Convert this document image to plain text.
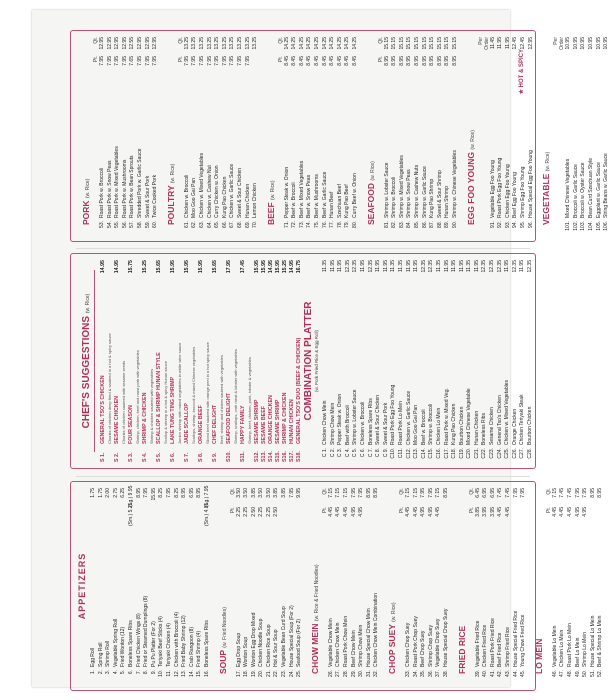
APPETIZERS
1.
Egg Roll
1.75
2.
Spring Roll
1.75
3.
Shrimp Roll
2.00
4.
Vegetable Spring Roll
2.75
5.
Fried Wonton (12)
6.25
6.
Boneless Spare Ribs
(Sm.) 5.25
(Lg.) 9.95
7.
Fried Chicken Wings (8)
8.95
8.
Fried or Steamed Dumplings (8)
7.95
9.
Pu Pu Platter (For 2)
15.95
10.
Teriyaki Beef Sticks (4)
8.25
11.
Teriyaki Chicken (4)
7.95
12.
Chicken with Broccoli (4)
8.25
13.
Fried Baby Shrimp (12)
8.95
14.
Crab Rangoon (8)
6.95
15.
Fried Shrimp (4)
8.95
16.
Boneless Spare Ribs
(Sm.) 4.85
(Lg.) 7.95
SOUP (w. Fried Noodles)
Pt.
Qt.
17.
Egg Drop Soup
2.25
3.50
18.
Wonton Soup
2.25
3.50
19.
Wonton Egg Drop Mixed
2.50
3.85
20.
Chicken Noodle Soup
2.25
3.50
21.
Chicken Rice Soup
2.25
3.50
22.
Hot & Sour Soup
2.50
3.85
23.
Vegetable Bean Curd Soup
3.85
24.
House Special Soup (For 2)
7.95
25.
Seafood Soup (For 2)
9.95
CHOW MEIN (w. Rice & Fried Noodles)
Pt.
Qt.
26.
Vegetable Chow Mein
4.45
7.15
27.
Chicken Chow Mein
4.45
7.15
28.
Roast Pork Chow Mein
4.45
7.15
29.
Beef Chow Mein
4.95
7.95
30.
Shrimp Chow Mein
4.95
7.95
31.
House Special Chow Mein
8.95
32.
Chicken Chow Mein Combination
8.95
CHOP SUEY (w. Rice)
Pt.
Qt.
33.
Chicken Chop Suey
4.45
7.15
34.
Roast Pork Chop Suey
4.45
7.15
35.
Beef Chop Suey
4.95
7.95
36.
Shrimp Chop Suey
4.95
7.95
37.
Vegetable Chop Suey
4.45
7.15
38.
House Special Chop Suey
8.95
FRIED RICE
Pt.
Qt.
39.
Vegetable Fried Rice
3.85
6.45
40.
Chicken Fried Rice
3.95
6.95
41.
Roast Pork Fried Rice
3.95
6.95
42.
Beef Fried Rice
4.45
7.45
43.
Shrimp Fried Rice
4.45
7.45
44.
House Special Fried Rice
7.95
45.
Young Chow Fried Rice
7.95
LO MEIN
Pt.
Qt.
46.
Vegetable Lo Mein
4.45
7.15
47.
Chicken Lo Mein
4.45
7.45
48.
Roast Pork Lo Mein
4.45
7.45
49.
Beef Lo Mein
4.95
7.95
50.
Shrimp Lo Mein
4.95
7.95
51.
House Special Lo Mein
8.95
52.
Beef & Shrimp Lo Mein
8.95
CHEF'S SUGGESTIONS (w. Rice)
S 1.
GENERAL TSO'S CHICKEN
14.95
Chunks of chicken deep fried & sauteed in a hot & spicy sauce
S 2.
SESAME CHICKEN
14.95
Chunks of chicken sauteed with sesame seeds
S 3.
FOUR SEASON
15.75
Shrimp, chicken, beef and roast pork with vegetables
S 4.
SHRIMP & CHICKEN
15.25
Shrimp & chicken sauteed with vegetables
S 5.
SCALLOP & SHRIMP HUNAN STYLE
15.65
Scallop & shrimp in a hot & spicy Hunan sauce
S 6.
LAKE TUNG TING SHRIMP
15.95
Jumbo shrimp with mixed vegetables in white wine sauce
S 7.
JADE SCALLOP
15.95
Scallops, shrimp, broccoli & mixed Chinese vegetables
S 8.
ORANGE BEEF
15.95
Sliced beef sauteed with orange peel in a hot spicy sauce
S 9.
CHEF DELIGHT
15.65
Beef, shrimp and chicken sauteed with vegetables
S10.
SEAFOOD DELIGHT
17.95
Shrimp, scallops, crab meat & lobster with vegetables
S11.
HAPPY FAMILY
17.45
Shrimp, beef, chicken, pork, lobster & vegetables
S12.
SESAME SHRIMP
15.95
S13.
SESAME BEEF
15.95
S14.
ORANGE CHICKEN
14.95
S15.
SESAME SHRIMP
15.95
S16.
SHRIMP & CHICKEN
15.25
S17.
HUNAN CHICKEN
14.95
S18.
GENERAL TSO'S DUO (BEEF & CHICKEN)
16.75
COMBINATION PLATTER (w. Pork Fried Rice & Egg Roll)
C 1.
Chicken Chow Mein
11.35
C 2.
Shrimp Chow Mein
11.95
C 3.
Pepper Steak w. Onion
11.95
C 4.
Beef with Broccoli
12.35
C 5.
Shrimp w. Lobster Sauce
12.35
C 6.
Chicken w. Broccoli
11.95
C 7.
Boneless Spare Ribs
12.35
C 8.
Sweet & Sour Chicken
11.95
C 9.
Sweet & Sour Pork
11.95
C10.
Roast Pork Egg Foo Young
11.35
C11.
Roast Pork Lo Mein
11.35
C12.
Chicken w. Garlic Sauce
11.95
C13.
Moo Goo Gai Pan
11.95
C14.
Beef w. Broccoli
12.35
C15.
Shrimp w. Broccoli
12.35
C16.
Chicken Lo Mein
11.35
C17.
Roast Pork w. Mixed Veg.
11.95
C18.
Kung Pao Chicken
11.95
C19.
Bourbon Chicken
11.95
C20.
Mixed Chinese Vegetable
11.35
C21.
Hunan Chicken
11.95
C22.
Boneless Ribs
12.35
C23.
Sesame Chicken
12.35
C24.
General Tso's Chicken
12.35
C25.
Chicken w. Mixed Vegetables
11.95
C26.
Orange Chicken
12.35
C27.
Chicken Teriyaki Steak
11.95
C28.
Bourbon Chicken
12.35
PORK (w. Rice)
Pt.
Qt.
53.
Roast Pork w. Broccoli
7.95
12.95
54.
Roast Pork w. Snow Peas
7.95
12.95
55.
Roast Pork w. Mixed Vegetables
7.95
12.95
56.
Roast Pork w. Mushrooms
7.95
12.95
57.
Roast Pork w. Bean Sprouts
7.65
12.55
58.
Shredded Pork w. Garlic Sauce
7.95
12.95
59.
Sweet & Sour Pork
7.95
12.95
60.
Twice Cooked Pork
7.95
12.95
POULTRY (w. Rice)
Pt.
Qt.
61.
Chicken w. Broccoli
7.95
13.25
62.
Moo Goo Gai Pan
7.95
13.25
63.
Chicken w. Mixed Vegetables
7.95
13.25
64.
Chicken w. Cashew Nut
7.95
13.25
65.
Curry Chicken w. Onion
7.95
13.25
66.
Kung Pao Chicken
7.95
13.25
67.
Chicken w. Garlic Sauce
7.95
13.25
68.
Sweet & Sour Chicken
7.95
13.25
69.
Hunan Chicken
7.95
13.25
70.
Lemon Chicken
13.25
BEEF (w. Rice)
Pt.
Qt.
71.
Pepper Steak w. Onion
8.45
14.25
72.
Beef w. Broccoli
8.45
14.25
73.
Beef w. Mixed Vegetables
8.45
14.25
74.
Beef w. Snow Peas
8.45
14.25
75.
Beef w. Mushrooms
8.45
14.25
76.
Beef w. Garlic Sauce
8.45
14.25
77.
Hunan Beef
8.45
14.25
78.
Szechuan Beef
8.45
14.25
79.
Kung Pao Beef
8.45
14.25
80.
Curry Beef w. Onion
8.45
14.25
SEAFOOD (w. Rice)
Pt.
Qt.
81.
Shrimp w. Lobster Sauce
8.95
15.15
82.
Shrimp w. Broccoli
8.95
15.15
83.
Shrimp w. Mixed Vegetables
8.95
15.15
84.
Shrimp w. Snow Peas
8.95
15.15
85.
Shrimp w. Cashew Nuts
8.95
15.15
86.
Shrimp w. Garlic Sauce
8.95
15.15
87.
Kung Pao Shrimp
8.95
15.15
88.
Sweet & Sour Shrimp
8.95
15.15
89.
Hunan Shrimp
8.95
15.15
90.
Shrimp w. Chinese Vegetables
8.95
15.15
EGG FOO YOUNG (w. Rice)
Per Order
91.
Vegetable Egg Foo Young
11.45
92.
Roast Pork Egg Foo Young
11.95
93.
Chicken Egg Foo Young
11.95
94.
Beef Egg Foo Young
12.45
95.
Shrimp Egg Foo Young
12.45
96.
House Special Egg Foo Young
12.95
VEGETABLE (w. Rice)
Per Order
101.
Mixed Chinese Vegetables
10.95
102.
Broccoli w. Garlic Sauce
10.95
103.
Broccoli w. Oyster Sauce
10.95
104.
Bean Curd Szechuan Style
10.95
105.
Eggplant w. Garlic Sauce
10.95
106.
String Beans w. Garlic Sauce
10.95
★ HOT & SPICY
